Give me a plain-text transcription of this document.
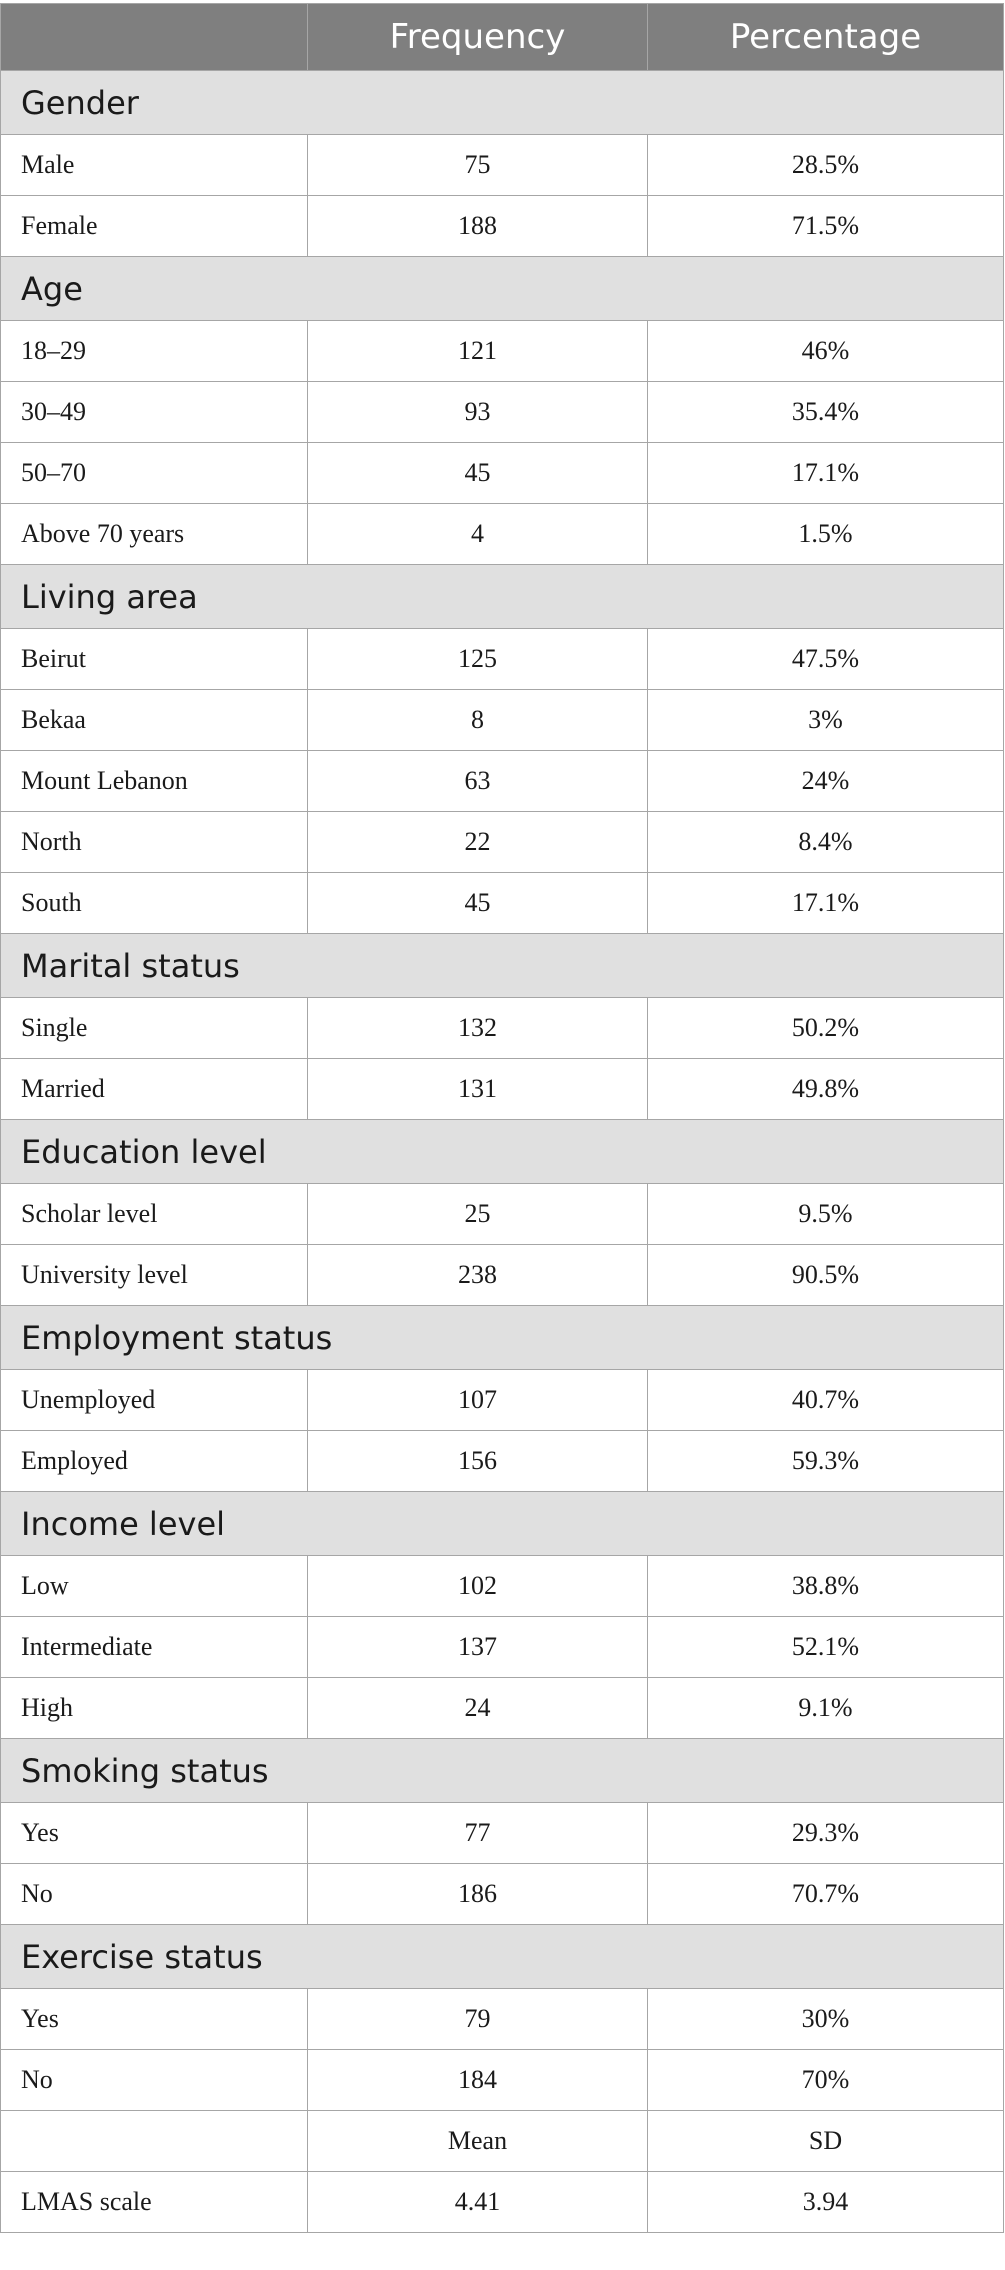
	Frequency	Percentage
Gender		
Male	75	28.5%
Female	188	71.5%
Age		
18–29	121	46%
30–49	93	35.4%
50–70	45	17.1%
Above 70 years	4	1.5%
Living area		
Beirut	125	47.5%
Bekaa	8	3%
Mount Lebanon	63	24%
North	22	8.4%
South	45	17.1%
Marital status		
Single	132	50.2%
Married	131	49.8%
Education level		
Scholar level	25	9.5%
University level	238	90.5%
Employment status		
Unemployed	107	40.7%
Employed	156	59.3%
Income level		
Low	102	38.8%
Intermediate	137	52.1%
High	24	9.1%
Smoking status		
Yes	77	29.3%
No	186	70.7%
Exercise status		
Yes	79	30%
No	184	70%
	Mean	SD
LMAS scale	4.41	3.94
